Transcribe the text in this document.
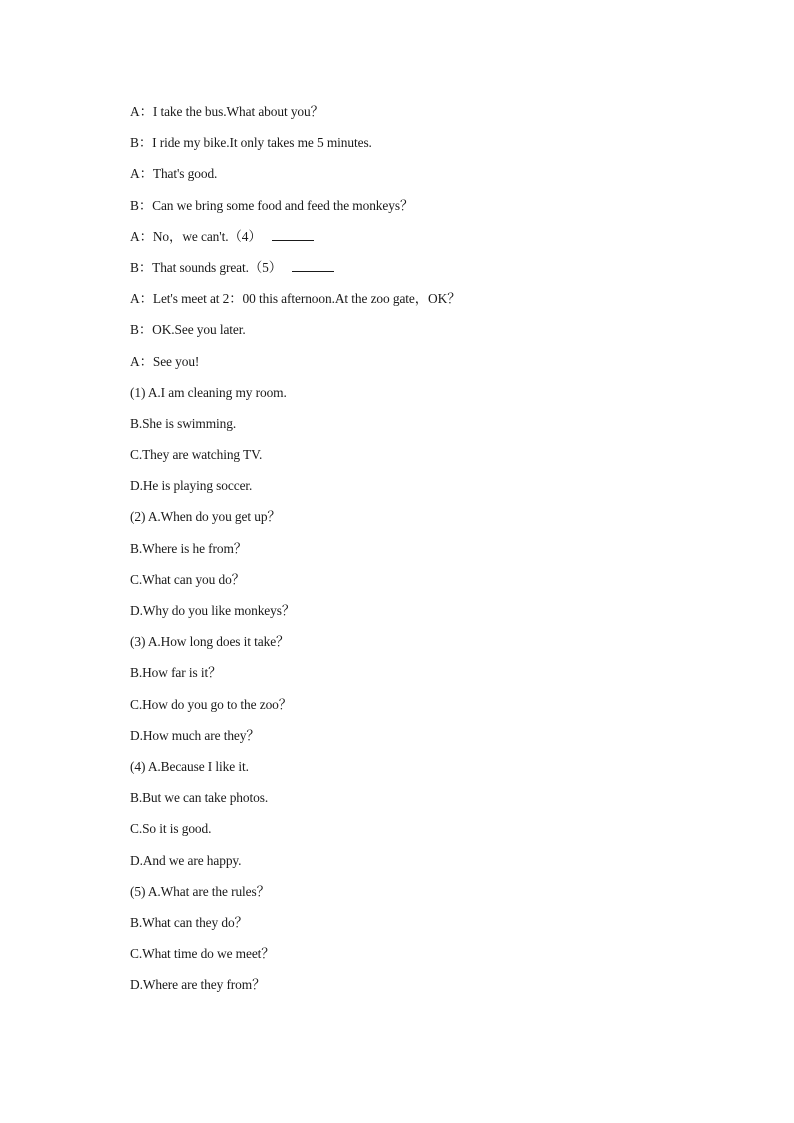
A：I take the bus.What about you？
B：I ride my bike.It only takes me 5 minutes.
A：That's good.
B：Can we bring some food and feed the monkeys？
A：No，we can't.（4）
B：That sounds great.（5）
A：Let's meet at 2：00 this afternoon.At the zoo gate，OK？
B：OK.See you later.
A：See you!
(1) A.I am cleaning my room.
B.She is swimming.
C.They are watching TV.
D.He is playing soccer.
(2) A.When do you get up？
B.Where is he from？
C.What can you do？
D.Why do you like monkeys？
(3) A.How long does it take？
B.How far is it？
C.How do you go to the zoo？
D.How much are they？
(4) A.Because I like it.
B.But we can take photos.
C.So it is good.
D.And we are happy.
(5) A.What are the rules？
B.What can they do？
C.What time do we meet？
D.Where are they from？
